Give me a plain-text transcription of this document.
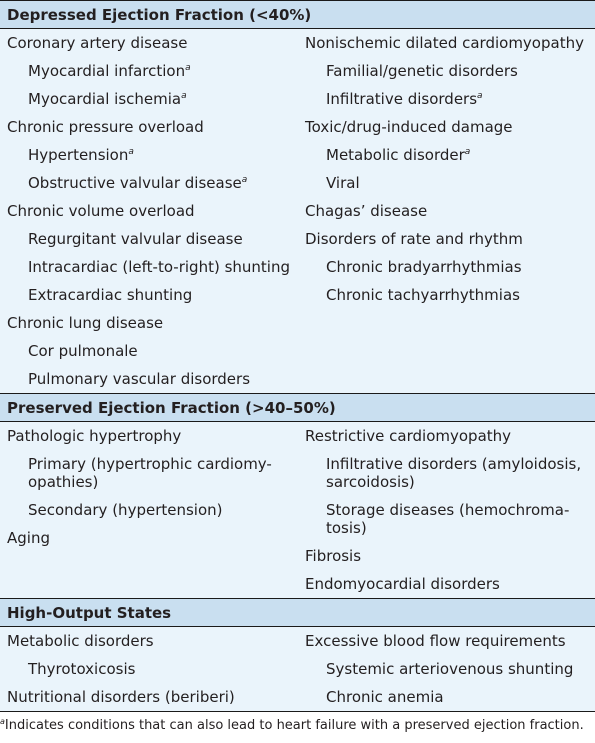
Depressed Ejection Fraction (<40%)
Coronary artery disease
Myocardial infarction$^a$
Myocardial ischemia$^a$
Chronic pressure overload
Hypertension$^a$
Obstructive valvular disease$^a$
Chronic volume overload
Regurgitant valvular disease
Intracardiac (left-to-right) shunting
Extracardiac shunting
Chronic lung disease
Cor pulmonale
Pulmonary vascular disorders
Nonischemic dilated cardiomyopathy
Familial/genetic disorders
Infiltrative disorders$^a$
Toxic/drug-induced damage
Metabolic disorder$^a$
Viral
Chagas’ disease
Disorders of rate and rhythm
Chronic bradyarrhythmias
Chronic tachyarrhythmias
Preserved Ejection Fraction (>40–50%)
Pathologic hypertrophy
Primary (hypertrophic cardiomy-opathies)
Secondary (hypertension)
Aging
Restrictive cardiomyopathy
Infiltrative disorders (amyloidosis, sarcoidosis)
Storage diseases (hemochroma-tosis)
Fibrosis
Endomyocardial disorders
High-Output States
Metabolic disorders
Thyrotoxicosis
Nutritional disorders (beriberi)
Excessive blood flow requirements
Systemic arteriovenous shunting
Chronic anemia
$^a$Indicates conditions that can also lead to heart failure with a preserved ejection fraction.
